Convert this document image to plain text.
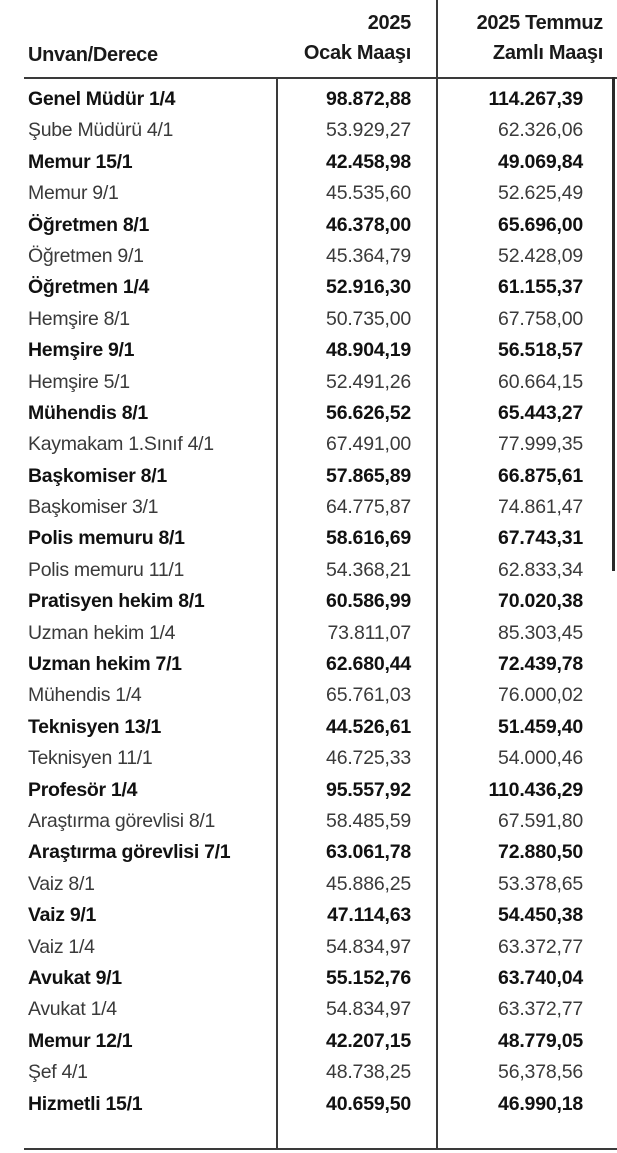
Unvan/Derece
2025
Ocak Maaşı
2025 Temmuz
Zamlı Maaşı
Genel Müdür 1/4	98.872,88	114.267,39
Şube Müdürü 4/1	53.929,27	62.326,06
Memur 15/1	42.458,98	49.069,84
Memur 9/1	45.535,60	52.625,49
Öğretmen 8/1	46.378,00	65.696,00
Öğretmen 9/1	45.364,79	52.428,09
Öğretmen 1/4	52.916,30	61.155,37
Hemşire 8/1	50.735,00	67.758,00
Hemşire 9/1	48.904,19	56.518,57
Hemşire 5/1	52.491,26	60.664,15
Mühendis 8/1	56.626,52	65.443,27
Kaymakam 1.Sınıf 4/1	67.491,00	77.999,35
Başkomiser 8/1	57.865,89	66.875,61
Başkomiser 3/1	64.775,87	74.861,47
Polis memuru 8/1	58.616,69	67.743,31
Polis memuru 11/1	54.368,21	62.833,34
Pratisyen hekim 8/1	60.586,99	70.020,38
Uzman hekim 1/4	73.811,07	85.303,45
Uzman hekim 7/1	62.680,44	72.439,78
Mühendis 1/4	65.761,03	76.000,02
Teknisyen 13/1	44.526,61	51.459,40
Teknisyen 11/1	46.725,33	54.000,46
Profesör 1/4	95.557,92	110.436,29
Araştırma görevlisi 8/1	58.485,59	67.591,80
Araştırma görevlisi 7/1	63.061,78	72.880,50
Vaiz 8/1	45.886,25	53.378,65
Vaiz 9/1	47.114,63	54.450,38
Vaiz 1/4	54.834,97	63.372,77
Avukat 9/1	55.152,76	63.740,04
Avukat 1/4	54.834,97	63.372,77
Memur 12/1	42.207,15	48.779,05
Şef 4/1	48.738,25	56,378,56
Hizmetli 15/1	40.659,50	46.990,18
